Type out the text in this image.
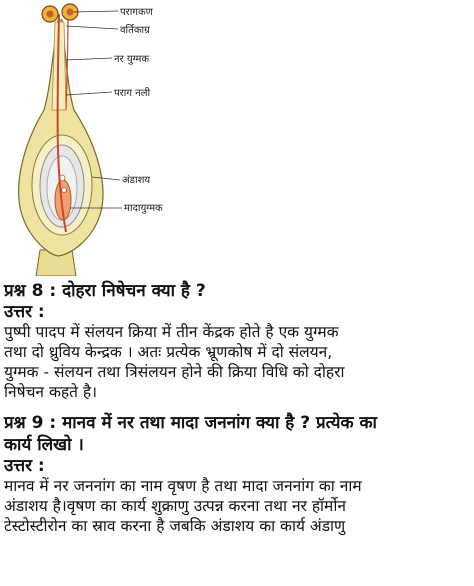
परागकण
वर्तिकाग्र
नर युग्मक
पराग नली
अंडाशय
मादायुग्मक

प्रश्न 8 : दोहरा निषेचन क्या है ?

उत्तर :

पुष्पी पादप में संलयन क्रिया में तीन केंद्रक होते है एक युग्मक

तथा दो ध्रुविय केन्द्रक । अतः प्रत्येक भ्रूणकोष में दो संलयन,

युग्मक - संलयन तथा त्रिसंलयन होने की क्रिया विधि को दोहरा

निषेचन कहते है।

प्रश्न 9 : मानव में नर तथा मादा जननांग क्या है ? प्रत्येक का

कार्य लिखो ।

उत्तर :

मानव में नर जननांग का नाम वृषण है तथा मादा जननांग का नाम

अंडाशय है।वृषण का कार्य शुक्राणु उत्पन्न करना तथा नर हॉर्मोन

टेस्टोस्टीरोन का स्राव करना है जबकि अंडाशय का कार्य अंडाणु
